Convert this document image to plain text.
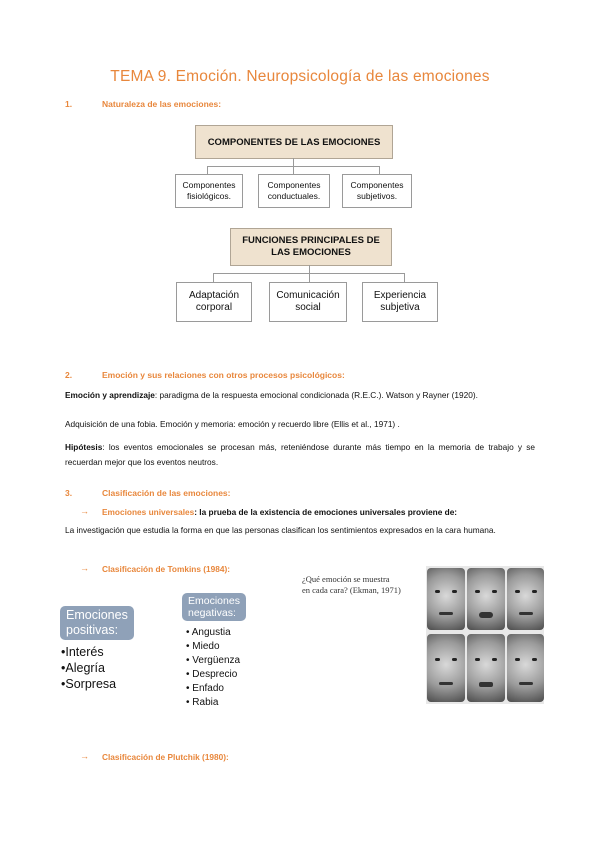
TEMA 9. Emoción. Neuropsicología de las emociones
1.	Naturaleza de las emociones:
COMPONENTES DE LAS EMOCIONES
Componentes
fisiológicos.
Componentes
conductuales.
Componentes
subjetivos.
FUNCIONES PRINCIPALES DE
LAS EMOCIONES
Adaptación
corporal
Comunicación
social
Experiencia
subjetiva
2.	Emoción y sus relaciones con otros procesos psicológicos:
Emoción y aprendizaje: paradigma de la respuesta emocional condicionada (R.E.C.). Watson y Rayner (1920).
Adquisición de una fobia. Emoción y memoria: emoción y recuerdo libre (Ellis et al., 1971) .
Hipótesis: los eventos emocionales se procesan más, reteniéndose durante más tiempo en la memoria de trabajo y se recuerdan mejor que los eventos neutros.
3.	Clasificación de las emociones:
→ Emociones universales: la prueba de la existencia de emociones universales proviene de:
La investigación que estudia la forma en que las personas clasifican los sentimientos expresados en la cara humana.
→ Clasificación de Tomkins (1984):
Emociones
positivas:
•Interés
•Alegría
•Sorpresa
Emociones
negativas:
• Angustia
• Miedo
• Vergüenza
• Desprecio
• Enfado
• Rabia
¿Qué emoción se muestra
en cada cara? (Ekman, 1971)
→ Clasificación de Plutchik (1980):
